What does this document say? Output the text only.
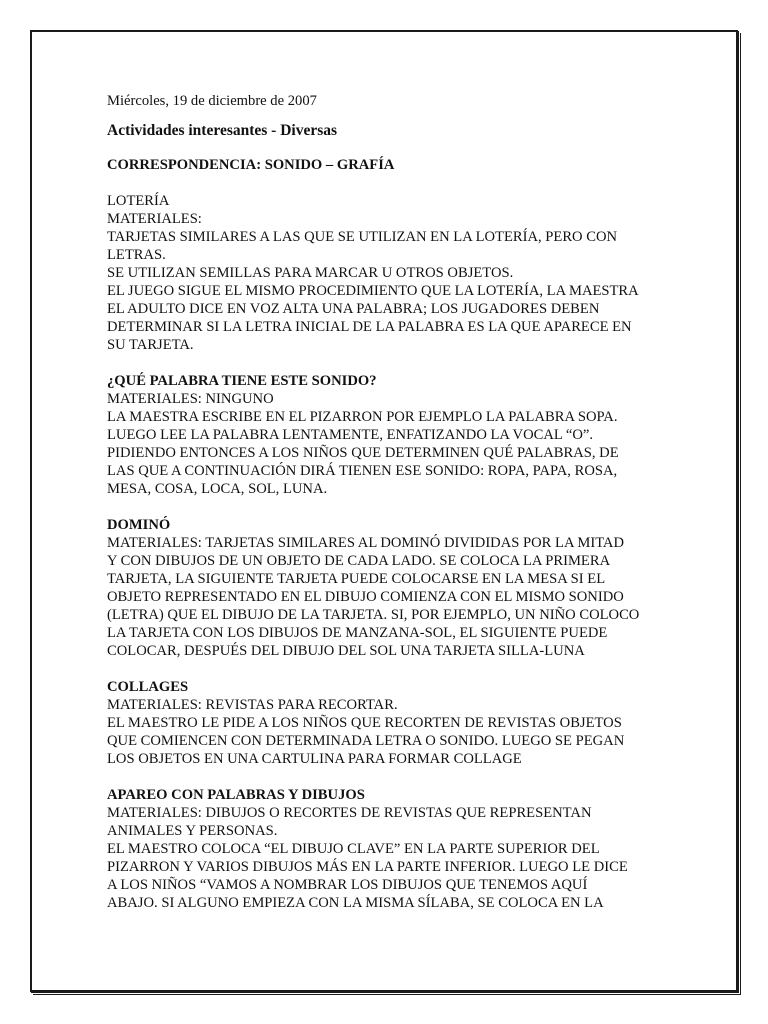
Miércoles, 19 de diciembre de 2007

Actividades interesantes - Diversas

CORRESPONDENCIA: SONIDO – GRAFÍA

LOTERÍA

MATERIALES:

TARJETAS SIMILARES A LAS QUE SE UTILIZAN EN LA LOTERÍA, PERO CON

LETRAS.

SE UTILIZAN SEMILLAS PARA MARCAR U OTROS OBJETOS.

EL JUEGO SIGUE EL MISMO PROCEDIMIENTO QUE LA LOTERÍA, LA MAESTRA

EL ADULTO DICE EN VOZ ALTA UNA PALABRA; LOS JUGADORES DEBEN

DETERMINAR SI LA LETRA INICIAL DE LA PALABRA ES LA QUE APARECE EN

SU TARJETA.

¿QUÉ PALABRA TIENE ESTE SONIDO?

MATERIALES: NINGUNO

LA MAESTRA ESCRIBE EN EL PIZARRON POR EJEMPLO LA PALABRA SOPA.

LUEGO LEE LA PALABRA LENTAMENTE, ENFATIZANDO LA VOCAL “O”.

PIDIENDO ENTONCES A LOS NIÑOS QUE DETERMINEN QUÉ PALABRAS, DE

LAS QUE A CONTINUACIÓN DIRÁ TIENEN ESE SONIDO: ROPA, PAPA, ROSA,

MESA, COSA, LOCA, SOL, LUNA.

DOMINÓ

MATERIALES: TARJETAS SIMILARES AL DOMINÓ DIVIDIDAS POR LA MITAD

Y CON DIBUJOS DE UN OBJETO DE CADA LADO. SE COLOCA LA PRIMERA

TARJETA, LA SIGUIENTE TARJETA PUEDE COLOCARSE EN LA MESA SI EL

OBJETO REPRESENTADO EN EL DIBUJO COMIENZA CON EL MISMO SONIDO

(LETRA) QUE EL DIBUJO DE LA TARJETA. SI, POR EJEMPLO, UN NIÑO COLOCO

LA TARJETA CON LOS DIBUJOS DE MANZANA-SOL, EL SIGUIENTE PUEDE

COLOCAR, DESPUÉS DEL DIBUJO DEL SOL UNA TARJETA SILLA-LUNA

COLLAGES

MATERIALES: REVISTAS PARA RECORTAR.

EL MAESTRO LE PIDE A LOS NIÑOS QUE RECORTEN DE REVISTAS OBJETOS

QUE COMIENCEN CON DETERMINADA LETRA O SONIDO. LUEGO SE PEGAN

LOS OBJETOS EN UNA CARTULINA PARA FORMAR COLLAGE

APAREO CON PALABRAS Y DIBUJOS

MATERIALES: DIBUJOS O RECORTES DE REVISTAS QUE REPRESENTAN

ANIMALES Y PERSONAS.

EL MAESTRO COLOCA “EL DIBUJO CLAVE” EN LA PARTE SUPERIOR DEL

PIZARRON Y VARIOS DIBUJOS MÁS EN LA PARTE INFERIOR. LUEGO LE DICE

A LOS NIÑOS “VAMOS A NOMBRAR LOS DIBUJOS QUE TENEMOS AQUÍ

ABAJO. SI ALGUNO EMPIEZA CON LA MISMA SÍLABA, SE COLOCA EN LA
